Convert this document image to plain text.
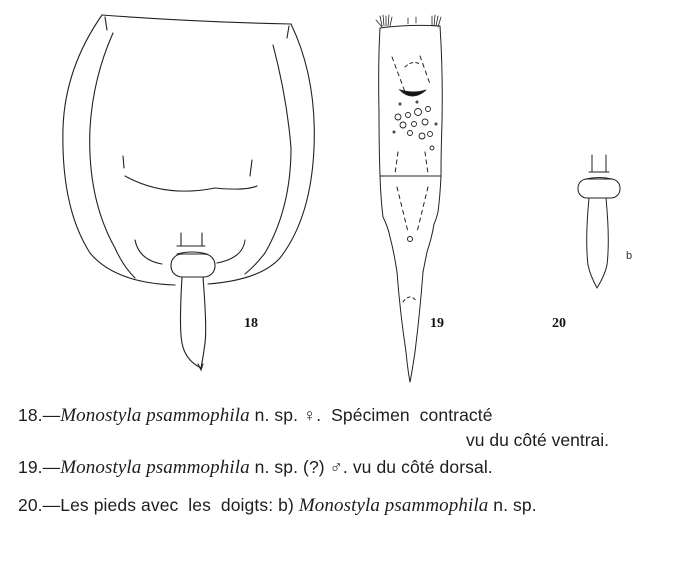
18	19
b
20
18.—Monostyla psammophila n. sp. ♀.  Spécimen  contracté
vu du côté ventrai.
19.—Monostyla psammophila n. sp. (?) ♂. vu du côté dorsal.
20.—Les pieds avec  les  doigts: b) Monostyla psammophila n. sp.
